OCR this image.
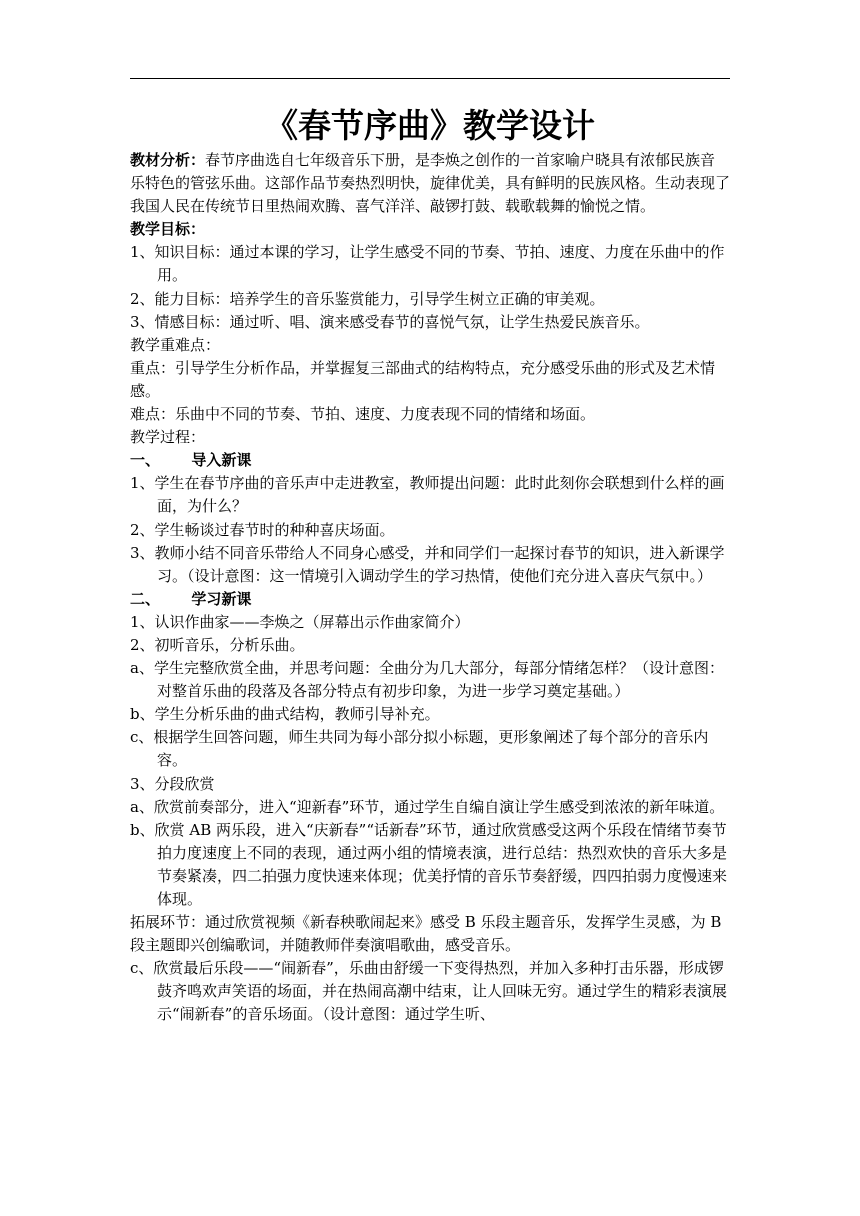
《春节序曲》教学设计

教材分析：春节序曲选自七年级音乐下册，是李焕之创作的一首家喻户晓具有浓郁民族音乐特色的管弦乐曲。这部作品节奏热烈明快，旋律优美，具有鲜明的民族风格。生动表现了我国人民在传统节日里热闹欢腾、喜气洋洋、敲锣打鼓、载歌载舞的愉悦之情。

教学目标：

1、知识目标：通过本课的学习，让学生感受不同的节奏、节拍、速度、力度在乐曲中的作用。

2、能力目标：培养学生的音乐鉴赏能力，引导学生树立正确的审美观。

3、情感目标：通过听、唱、演来感受春节的喜悦气氛，让学生热爱民族音乐。

教学重难点：

重点：引导学生分析作品，并掌握复三部曲式的结构特点，充分感受乐曲的形式及艺术情感。

难点：乐曲中不同的节奏、节拍、速度、力度表现不同的情绪和场面。

教学过程：

一、      导入新课

1、学生在春节序曲的音乐声中走进教室，教师提出问题：此时此刻你会联想到什么样的画面，为什么？

2、学生畅谈过春节时的种种喜庆场面。

3、教师小结不同音乐带给人不同身心感受，并和同学们一起探讨春节的知识，进入新课学习。（设计意图：这一情境引入调动学生的学习热情，使他们充分进入喜庆气氛中。）

二、      学习新课

1、认识作曲家——李焕之（屏幕出示作曲家简介）

2、初听音乐，分析乐曲。

a、学生完整欣赏全曲，并思考问题：全曲分为几大部分，每部分情绪怎样？（设计意图：对整首乐曲的段落及各部分特点有初步印象，为进一步学习奠定基础。）

b、学生分析乐曲的曲式结构，教师引导补充。

c、根据学生回答问题，师生共同为每小部分拟小标题，更形象阐述了每个部分的音乐内容。

3、分段欣赏

a、欣赏前奏部分，进入“迎新春”环节，通过学生自编自演让学生感受到浓浓的新年味道。

b、欣赏 AB 两乐段，进入“庆新春”“话新春”环节，通过欣赏感受这两个乐段在情绪节奏节拍力度速度上不同的表现，通过两小组的情境表演，进行总结：热烈欢快的音乐大多是节奏紧凑，四二拍强力度快速来体现；优美抒情的音乐节奏舒缓，四四拍弱力度慢速来体现。

拓展环节：通过欣赏视频《新春秧歌闹起来》感受 B 乐段主题音乐，发挥学生灵感，为 B 段主题即兴创编歌词，并随教师伴奏演唱歌曲，感受音乐。

c、欣赏最后乐段——“闹新春”，乐曲由舒缓一下变得热烈，并加入多种打击乐器，形成锣鼓齐鸣欢声笑语的场面，并在热闹高潮中结束，让人回味无穷。通过学生的精彩表演展示“闹新春”的音乐场面。（设计意图：通过学生听、
